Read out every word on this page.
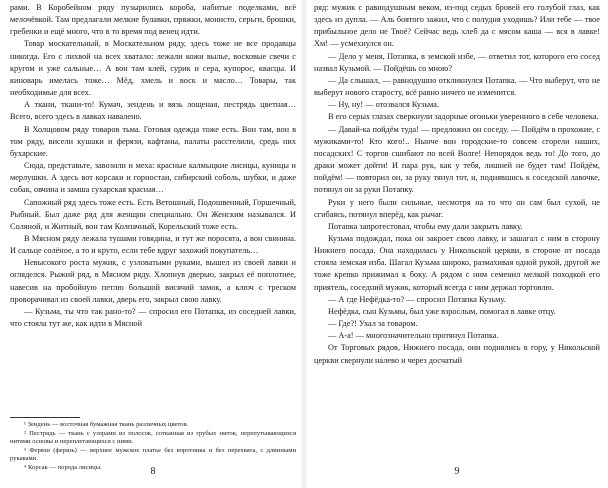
рами. В Коробейном ряду пузырились короба, набитые поделками, всё мелочёвкой. Там предлагали мелкие булавки, пряжки, монисто, серьги, брошки, гребенки и ещё много, что в то время под венец идти.

Товар москательный, в Москательном ряду, здесь тоже не все продавцы никогда. Его с лихвой на всех хватало: лежали кожи вылье, восковые свечи с кругом и уже сальные… А вон там клей, сурик и сера, купорос, квасцы. И киноварь имелась тоже… Мёд, хмель и воск и масло… Товары, так необходимые для всех.

А ткани, ткани-то! Кумач, зендень и вязь лощеная, пестрядь цветная… Всего, всего здесь в лавках навалено.

В Холщовом ряду товаров тьма. Готовая одежда тоже есть. Вон там, вон в том ряду, висели кушаки и ферязи, кафтаны, палаты расстелили, средь них бухарские.

Сюда, представьте, завозили и меха: красные калмыцкие лисицы, куницы и мерлушки. А здесь вот корсаки и горностаи, сибирский соболь, шубки, и даже собак, овчина и замша сухарская красная…

Сапожный ряд здесь тоже есть. Есть Ветошный, Подошвенный, Горшечный, Рыбный. Был даже ряд для женщин специально. Он Женским назывался. И Соляной, и Житный, вон там Колпачный, Корельский тоже есть.

В Мясном ряду лежала тушами говядина, и тут же поросята, а вон свинина. И сальце солёное, а то и круто, если тебе вдруг захожий покупатель…

Невысокого роста мужик, с узловатыми руками, вышел из своей лавки и огляделся. Рыжий ряд, в Мясном ряду. Хлопнув дверью, закрыл её поплотнее, навесив на пробойную петлю большой висячий замок, а ключ с треском проворачивал из своей лавки, дверь его, закрыл свою лавку.

— Кузьма, ты что так рано-то? — спросил его Потапка, из соседней лавки, что стояла тут же, как идти в Мясной

¹ Зендень — восточная бумажная ткань различных цветов.

² Пестрядь — ткань с узорами из полосок, сотканная из грубых ниток, перепутывающихся нитями основы и переплетающихся с ними.

³ Ферязи (ферязь) — верхнее мужское платье без воротника и без перехвата, с длинными рукавами.

⁴ Корсак — порода лисицы.	8

ряд: мужик с равнодушным веком, из-под седых бровей его голубой глаз, как здесь из дупла. — Аль боятого зажил, что с полудня уходишь? Или тебе — твое прибыльное дело не Твоё? Сейчас ведь хлеб да с мясом каша — вся в лавке! Хм! — усмехнулся он.

— Дело у меня, Потапка, в земской избе, — ответил тот, которого его сосед назвал Кузьмой. — Пойдёшь со мною?

— Да слышал, — равнодушно откликнулся Потапка. — Что выберут, что не выберут нового старосту, всё равно ничего не изменится.

— Ну, ну! — отозвался Кузьма.

В его серых глазах сверкнули задорные огоньки уверенного в себе человека.

— Давай-ка пойдём туда! — предложил он соседу. — Пойдём в прохожие, с мужиками-то! Кто кого!.. Нынче вон городские-то совсем сгорели наших, посадских! С торгов сшибают по всей Волге! Непорядок ведь то! До того, до драки может дойти! И пара рук, как у тебя, лишней не будет там! Пойдём, пойдём! — повторил он, за руку тянул тот, и, поднявшись к соседской лавочке, потянул он за руки Потапку.

Руки у него были сильные, несмотря на то что он сам был сухой, не сгибаясь, потянул вперёд, как рычаг.

Потапка запротестовал, чтобы ему дали закрыть лавку.

Кузьма подождал, пока он закроет свою лавку, и зашагал с ним в сторону Нижнего посада. Она находилась у Никольской церкви, в стороне от посада стояла земская изба. Шагал Кузьма широко, размахивая одной рукой, другой же тоже крепко прижимал к боку. А рядом с ним семенил мелкой походкой его приятель, соседний мужик, который всегда с ним держал торговлю.

— А где Нефёдка-то? — спросил Потапка Кузьму.

Нефёдка, сын Кузьмы, был уже взрослым, помогал в лавке отцу.

— Где?! Ухал за товаром.

— А-а! — многозначительно протянул Потапка.

От Торговых рядов, Нижнего посада, они поднялись в гору, у Никольской церкви свернули налево и через досчатый

9
